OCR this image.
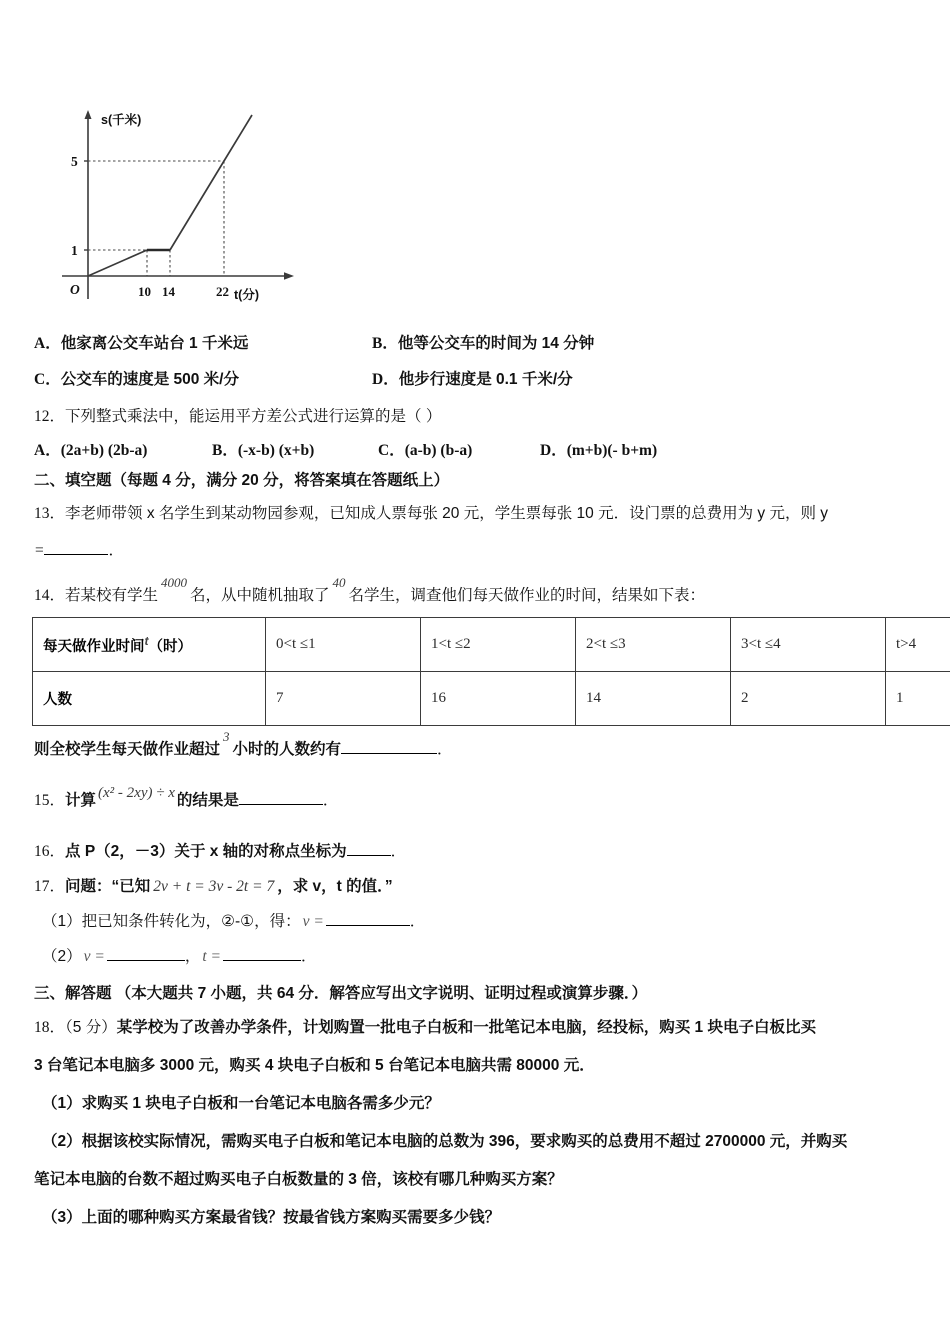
s(千米)
t(分)
O
5
1
10 14	22
A．他家离公交车站台 1 千米远	B．他等公交车的时间为 14 分钟
C．公交车的速度是 500 米/分	D．他步行速度是 0.1 千米/分
12．下列整式乘法中，能运用平方差公式进行运算的是（ ）
A．(2a+b) (2b-a)	B．(-x-b) (x+b)	C．(a-b) (b-a)	D．(m+b)(- b+m)
二、填空题（每题 4 分，满分 20 分，将答案填在答题纸上）
13．李老师带领 x 名学生到某动物园参观，已知成人票每张 20 元，学生票每张 10 元．设门票的总费用为 y 元，则 y
=	．
14．若某校有学生$^{4000}$名，从中随机抽取了$^{40}$名学生，调查他们每天做作业的时间，结果如下表：
每天做作业时间$^t$（时）	0<t ≤1	1<t ≤2	2<t ≤3	3<t ≤4	t>4
人数	7	16	14	2	1
则全校学生每天做作业超过$^3$小时的人数约有	．
15．计算 (x² - 2xy) ÷ x 的结果是	．
16．点 P（2，－3）关于 x 轴的对称点坐标为	．
17．问题：“已知 2v + t = 3v - 2t = 7 ，求 v，t 的值．”
（1）把已知条件转化为，②-①，得： v =	．
（2） v =	， t =	．
三、解答题 （本大题共 7 小题，共 64 分．解答应写出文字说明、证明过程或演算步骤．）
18．（5 分）某学校为了改善办学条件，计划购置一批电子白板和一批笔记本电脑，经投标，购买 1 块电子白板比买
3 台笔记本电脑多 3000 元，购买 4 块电子白板和 5 台笔记本电脑共需 80000 元．
（1）求购买 1 块电子白板和一台笔记本电脑各需多少元？
（2）根据该校实际情况，需购买电子白板和笔记本电脑的总数为 396，要求购买的总费用不超过 2700000 元，并购买
笔记本电脑的台数不超过购买电子白板数量的 3 倍，该校有哪几种购买方案？
（3）上面的哪种购买方案最省钱？按最省钱方案购买需要多少钱？
